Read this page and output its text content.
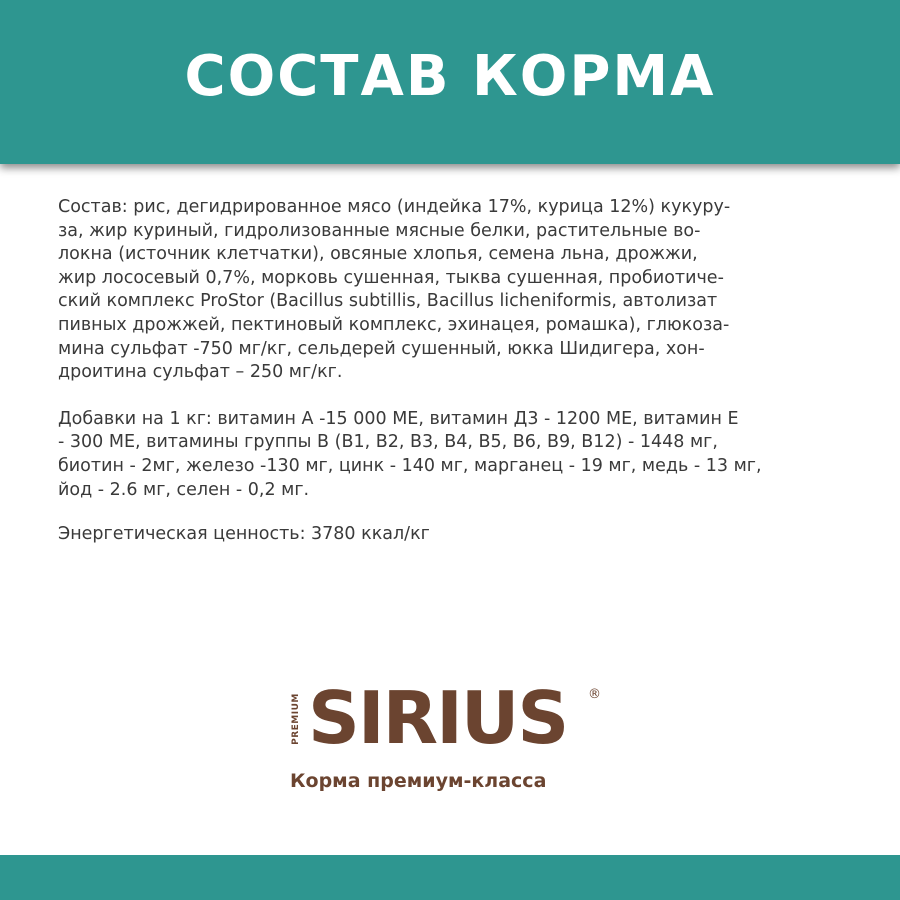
СОСТАВ КОРМА

Состав: рис, дегидрированное мясо (индейка 17%, курица 12%) кукуру-
за, жир куриный, гидролизованные мясные белки, растительные во-
локна (источник клетчатки), овсяные хлопья, семена льна, дрожжи,
жир лососевый 0,7%, морковь сушенная, тыква сушенная, пробиотиче-
ский комплекс ProStor (Bacillus subtillis, Bacillus licheniformis, автолизат
пивных дрожжей, пектиновый комплекс, эхинацея, ромашка), глюкоза-
мина сульфат -750 мг/кг, сельдерей сушенный, юкка Шидигера, хон-
дроитина сульфат – 250 мг/кг.

Добавки на 1 кг: витамин А -15 000 МЕ, витамин Д3 - 1200 МЕ, витамин Е
- 300 МЕ, витамины группы В (В1, В2, В3, В4, В5, В6, В9, В12) - 1448 мг,
биотин - 2мг, железо -130 мг, цинк - 140 мг, марганец - 19 мг, медь - 13 мг,
йод - 2.6 мг, селен - 0,2 мг.

Энергетическая ценность: 3780 ккал/кг

PREMIUM SIRIUS ®
Корма премиум-класса
